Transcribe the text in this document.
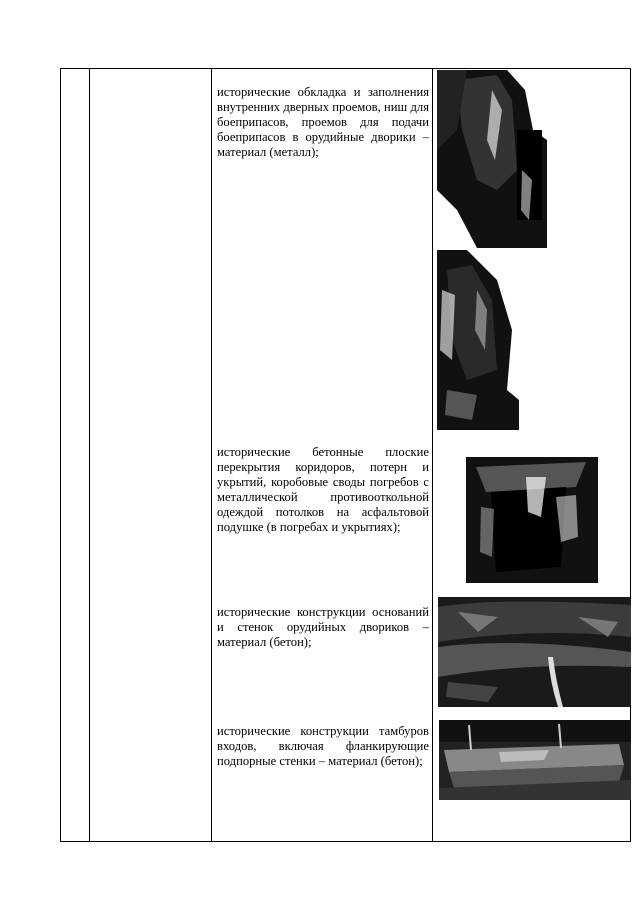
исторические обкладка и заполнения внутренних дверных проемов, ниш для боеприпасов, проемов для подачи боеприпасов в орудийные дворики – материал (металл);
исторические бетонные плоские перекрытия коридоров, потерн и укрытий, коробовые своды погребов с металлической противооткольной одеждой потолков на асфальтовой подушке (в погребах и укрытиях);
исторические конструкции оснований и стенок орудийных двориков – материал (бетон);
исторические конструкции тамбуров входов, включая фланкирующие подпорные стенки – материал (бетон);
